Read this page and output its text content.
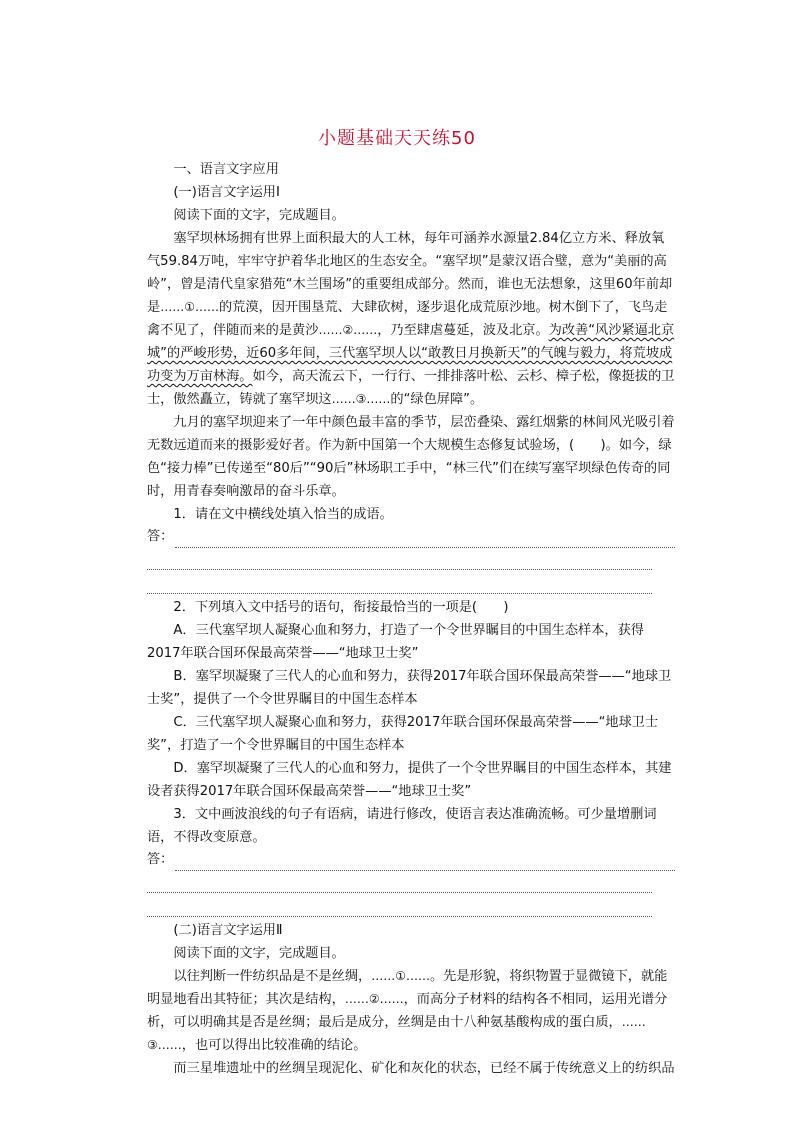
小题基础天天练50

一、语言文字应用

(一)语言文字运用Ⅰ

阅读下面的文字，完成题目。

塞罕坝林场拥有世界上面积最大的人工林，每年可涵养水源量2.84亿立方米、释放氧气59.84万吨，牢牢守护着华北地区的生态安全。“塞罕坝”是蒙汉语合璧，意为“美丽的高岭”，曾是清代皇家猎苑“木兰围场”的重要组成部分。然而，谁也无法想象，这里60年前却是……①……的荒漠，因开围垦荒、大肆砍树，逐步退化成荒原沙地。树木倒下了，飞鸟走禽不见了，伴随而来的是黄沙……②……，乃至肆虐蔓延，波及北京。为改善“风沙紧逼北京城”的严峻形势，近60多年间，三代塞罕坝人以“敢教日月换新天”的气魄与毅力，将荒坡成功变为万亩林海。如今，高天流云下，一行行、一排排落叶松、云杉、樟子松，像挺拔的卫士，傲然矗立，铸就了塞罕坝这……③……的“绿色屏障”。

九月的塞罕坝迎来了一年中颜色最丰富的季节，层峦叠染、露红烟紫的林间风光吸引着无数远道而来的摄影爱好者。作为新中国第一个大规模生态修复试验场，(　　)。如今，绿色“接力棒”已传递至“80后”“90后”林场职工手中，“林三代”们在续写塞罕坝绿色传奇的同时，用青春奏响激昂的奋斗乐章。

1．请在文中横线处填入恰当的成语。

答：

2．下列填入文中括号的语句，衔接最恰当的一项是(　　)

A．三代塞罕坝人凝聚心血和努力，打造了一个令世界瞩目的中国生态样本，获得2017年联合国环保最高荣誉——“地球卫士奖”

B．塞罕坝凝聚了三代人的心血和努力，获得2017年联合国环保最高荣誉——“地球卫士奖”，提供了一个令世界瞩目的中国生态样本

C．三代塞罕坝人凝聚心血和努力，获得2017年联合国环保最高荣誉——“地球卫士奖”，打造了一个令世界瞩目的中国生态样本

D．塞罕坝凝聚了三代人的心血和努力，提供了一个令世界瞩目的中国生态样本，其建设者获得2017年联合国环保最高荣誉——“地球卫士奖”

3．文中画波浪线的句子有语病，请进行修改，使语言表达准确流畅。可少量增删词语，不得改变原意。

答：

(二)语言文字运用Ⅱ

阅读下面的文字，完成题目。

以往判断一件纺织品是不是丝绸，……①……。先是形貌，将织物置于显微镜下，就能明显地看出其特征；其次是结构，……②……，而高分子材料的结构各不相同，运用光谱分析，可以明确其是否是丝绸；最后是成分，丝绸是由十八种氨基酸构成的蛋白质，……③……，也可以得出比较准确的结论。

而三星堆遗址中的丝绸呈现泥化、矿化和灰化的状态，已经不属于传统意义上的纺织品
